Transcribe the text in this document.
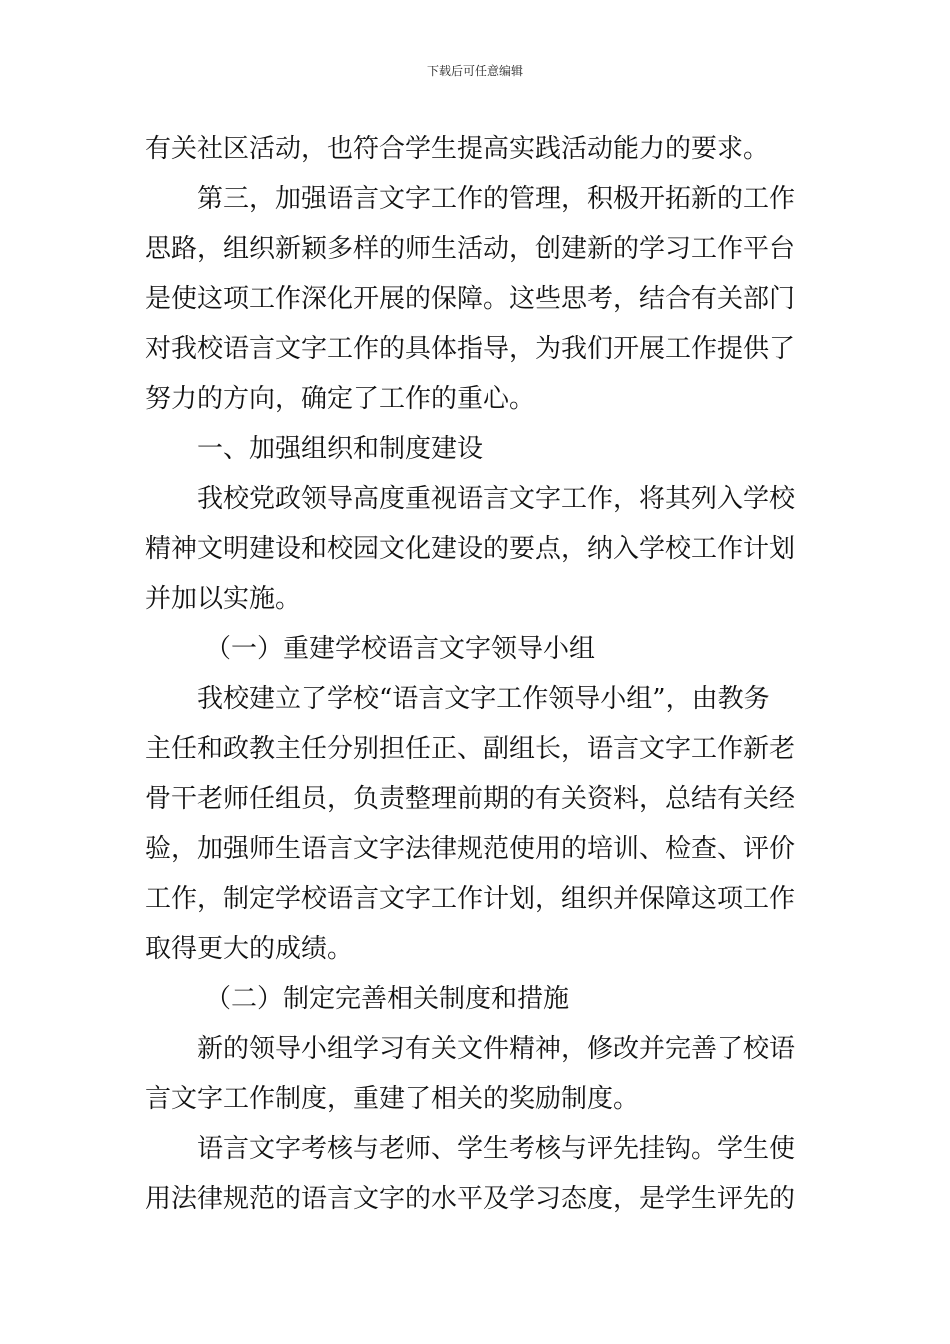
下载后可任意编辑
有关社区活动，也符合学生提高实践活动能力的要求。
第三，加强语言文字工作的管理，积极开拓新的工作
思路，组织新颖多样的师生活动，创建新的学习工作平台
是使这项工作深化开展的保障。这些思考，结合有关部门
对我校语言文字工作的具体指导，为我们开展工作提供了
努力的方向，确定了工作的重心。
一、加强组织和制度建设
我校党政领导高度重视语言文字工作，将其列入学校
精神文明建设和校园文化建设的要点，纳入学校工作计划
并加以实施。
（一）重建学校语言文字领导小组
我校建立了学校“语言文字工作领导小组”，由教务
主任和政教主任分别担任正、副组长，语言文字工作新老
骨干老师任组员，负责整理前期的有关资料，总结有关经
验，加强师生语言文字法律规范使用的培训、检查、评价
工作，制定学校语言文字工作计划，组织并保障这项工作
取得更大的成绩。
（二）制定完善相关制度和措施
新的领导小组学习有关文件精神，修改并完善了校语
言文字工作制度，重建了相关的奖励制度。
语言文字考核与老师、学生考核与评先挂钩。学生使
用法律规范的语言文字的水平及学习态度，是学生评先的
